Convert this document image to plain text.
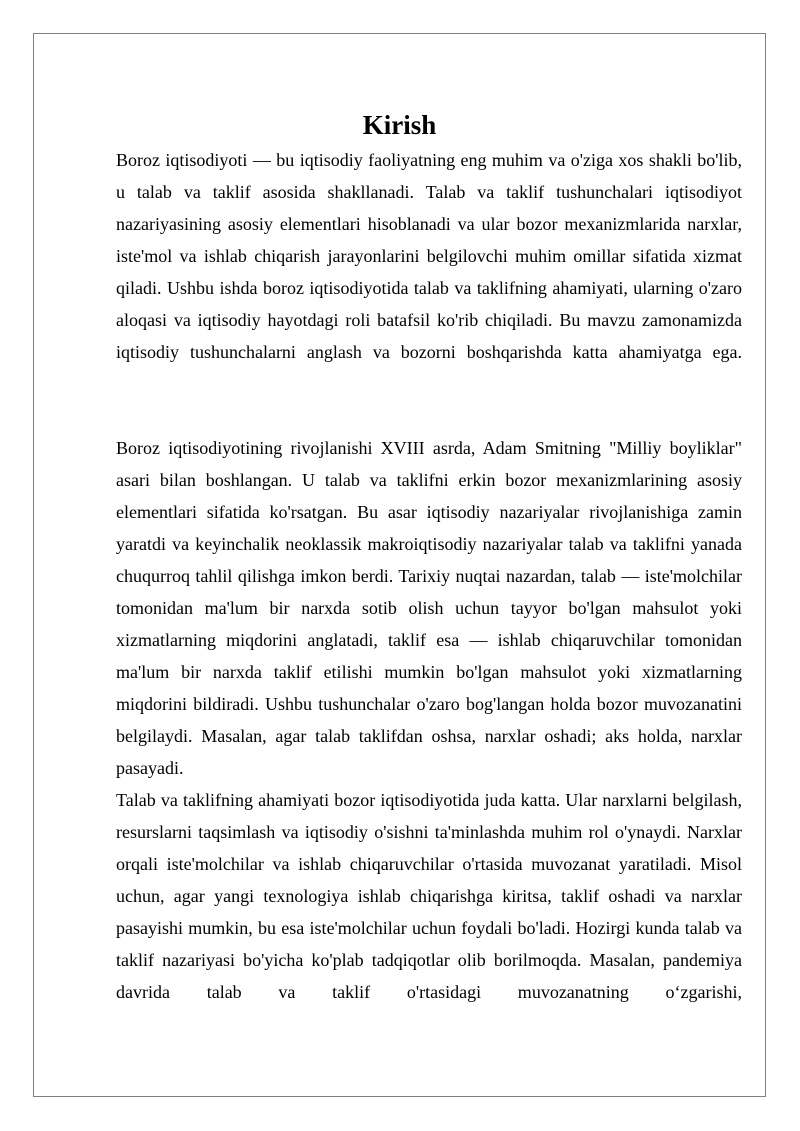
Kirish

Boroz iqtisodiyoti — bu iqtisodiy faoliyatning eng muhim va o'ziga xos shakli bo'lib, u talab va taklif asosida shakllanadi. Talab va taklif tushunchalari iqtisodiyot nazariyasining asosiy elementlari hisoblanadi va ular bozor mexanizmlarida narxlar, iste'mol va ishlab chiqarish jarayonlarini belgilovchi muhim omillar sifatida xizmat qiladi. Ushbu ishda boroz iqtisodiyotida talab va taklifning ahamiyati, ularning o'zaro aloqasi va iqtisodiy hayotdagi roli batafsil ko'rib chiqiladi. Bu mavzu zamonamizda iqtisodiy tushunchalarni anglash va bozorni boshqarishda katta ahamiyatga ega.

Boroz iqtisodiyotining rivojlanishi XVIII asrda, Adam Smitning "Milliy boyliklar" asari bilan boshlangan. U talab va taklifni erkin bozor mexanizmlarining asosiy elementlari sifatida ko'rsatgan. Bu asar iqtisodiy nazariyalar rivojlanishiga zamin yaratdi va keyinchalik neoklassik makroiqtisodiy nazariyalar talab va taklifni yanada chuqurroq tahlil qilishga imkon berdi. Tarixiy nuqtai nazardan, talab — iste'molchilar tomonidan ma'lum bir narxda sotib olish uchun tayyor bo'lgan mahsulot yoki xizmatlarning miqdorini anglatadi, taklif esa — ishlab chiqaruvchilar tomonidan ma'lum bir narxda taklif etilishi mumkin bo'lgan mahsulot yoki xizmatlarning miqdorini bildiradi. Ushbu tushunchalar o'zaro bog'langan holda bozor muvozanatini belgilaydi. Masalan, agar talab taklifdan oshsa, narxlar oshadi; aks holda, narxlar pasayadi.

Talab va taklifning ahamiyati bozor iqtisodiyotida juda katta. Ular narxlarni belgilash, resurslarni taqsimlash va iqtisodiy o'sishni ta'minlashda muhim rol o'ynaydi. Narxlar orqali iste'molchilar va ishlab chiqaruvchilar o'rtasida muvozanat yaratiladi. Misol uchun, agar yangi texnologiya ishlab chiqarishga kiritsa, taklif oshadi va narxlar pasayishi mumkin, bu esa iste'molchilar uchun foydali bo'ladi. Hozirgi kunda talab va taklif nazariyasi bo'yicha ko'plab tadqiqotlar olib borilmoqda. Masalan, pandemiya davrida talab va taklif o'rtasidagi muvozanatning o‘zgarishi,
